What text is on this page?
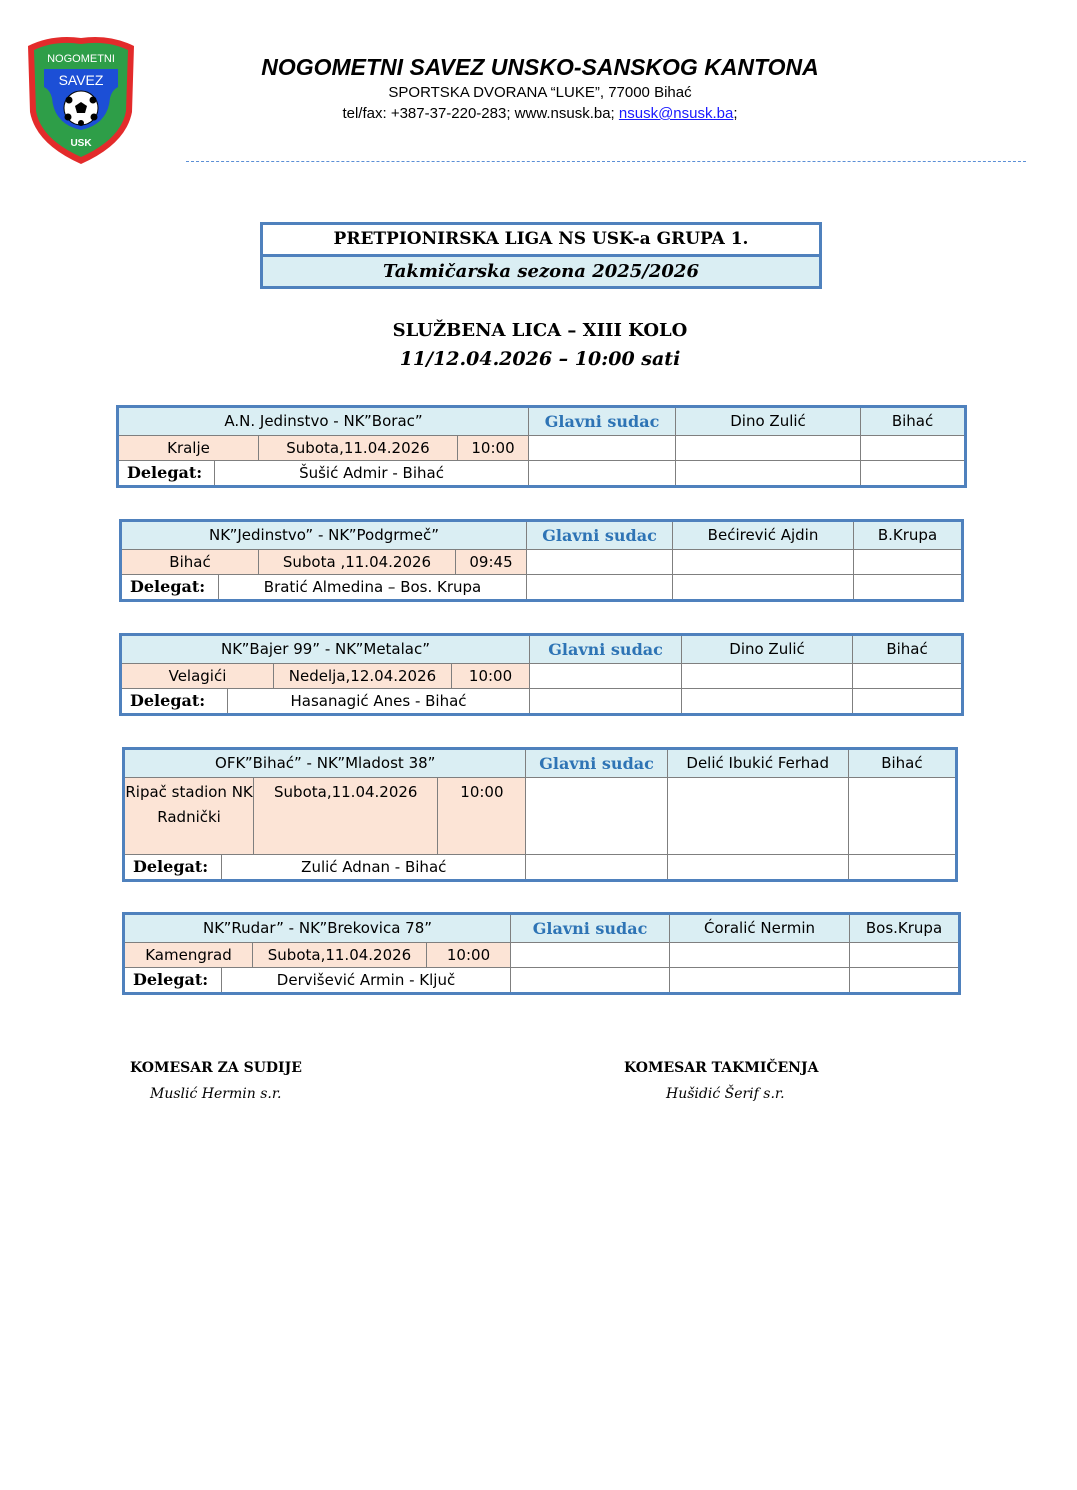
NOGOMETNI
SAVEZ
USK
NOGOMETNI SAVEZ UNSKO-SANSKOG KANTONA
SPORTSKA DVORANA “LUKE”, 77000 Bihać
tel/fax: +387-37-220-283; www.nsusk.ba; nsusk@nsusk.ba;
PRETPIONIRSKA LIGA NS USK-a GRUPA 1.
Takmičarska sezona 2025/2026
SLUŽBENA LICA – XIII KOLO
11/12.04.2026 – 10:00 sati
A.N. Jedinstvo - NK”Borac”				Glavni sudac	Dino Zulić	Bihać
Kralje		Subota,11.04.2026	10:00			
Delegat:	Šušić Admir - Bihać					
NK”Jedinstvo” - NK”Podgrmeč”				Glavni sudac	Bećirević Ajdin	B.Krupa
Bihać		Subota ,11.04.2026	09:45			
Delegat:	Bratić Almedina – Bos. Krupa					
NK”Bajer 99” - NK”Metalac”				Glavni sudac	Dino Zulić	Bihać
Velagići		Nedelja,12.04.2026	10:00			
Delegat:	Hasanagić Anes - Bihać					
OFK”Bihać” - NK”Mladost 38”				Glavni sudac	Delić Ibukić Ferhad	Bihać
Ripač stadion NK Radnički		Subota,11.04.2026	10:00			
Delegat:	Zulić Adnan - Bihać					
NK”Rudar” - NK”Brekovica 78”				Glavni sudac	Ćoralić Nermin	Bos.Krupa
Kamengrad		Subota,11.04.2026	10:00			
Delegat:	Dervišević Armin - Ključ					
KOMESAR ZA SUDIJE
Muslić Hermin s.r.
KOMESAR TAKMIČENJA
Hušidić Šerif s.r.
